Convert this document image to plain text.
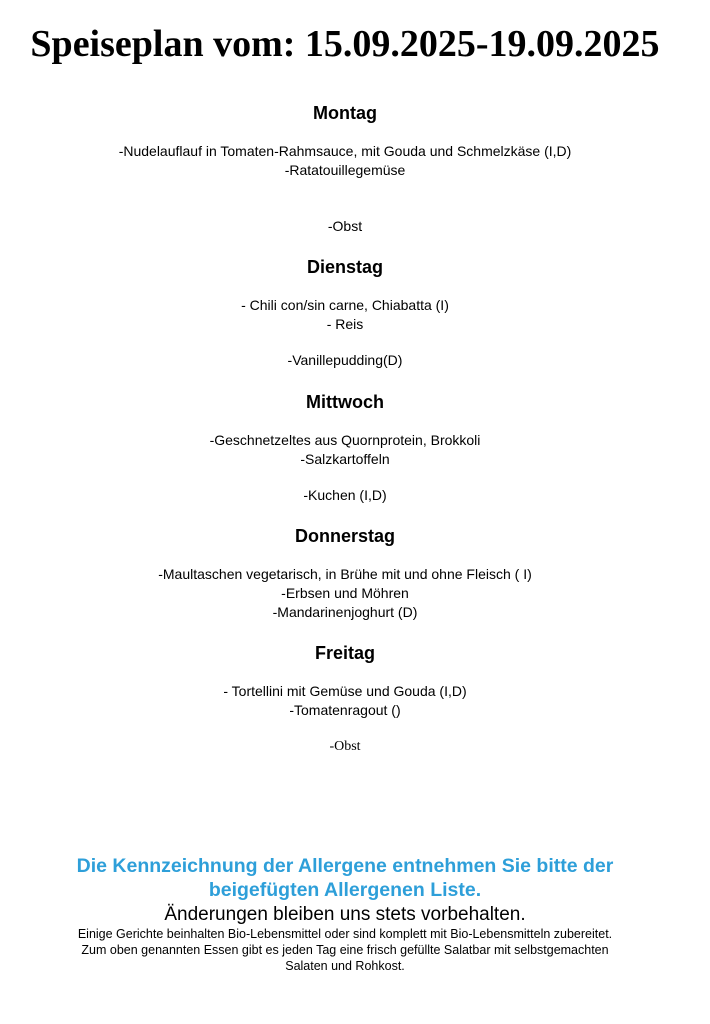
Speiseplan vom: 15.09.2025-19.09.2025
Montag
-Nudelauflauf in Tomaten-Rahmsauce, mit Gouda und Schmelzkäse (I,D)
-Ratatouillegemüse
-Obst
Dienstag
- Chili con/sin carne, Chiabatta (I)
- Reis
-Vanillepudding(D)
Mittwoch
-Geschnetzeltes aus Quornprotein, Brokkoli
-Salzkartoffeln
-Kuchen (I,D)
Donnerstag
-Maultaschen vegetarisch, in Brühe mit und ohne Fleisch ( I)
-Erbsen und Möhren
-Mandarinenjoghurt (D)
Freitag
- Tortellini mit Gemüse und Gouda (I,D)
-Tomatenragout ()
-Obst
Die Kennzeichnung der Allergene entnehmen Sie bitte der
beigefügten Allergenen Liste.
Änderungen bleiben uns stets vorbehalten.
Einige Gerichte beinhalten Bio-Lebensmittel oder sind komplett mit Bio-Lebensmitteln zubereitet.
Zum oben genannten Essen gibt es jeden Tag eine frisch gefüllte Salatbar mit selbstgemachten
Salaten und Rohkost.
